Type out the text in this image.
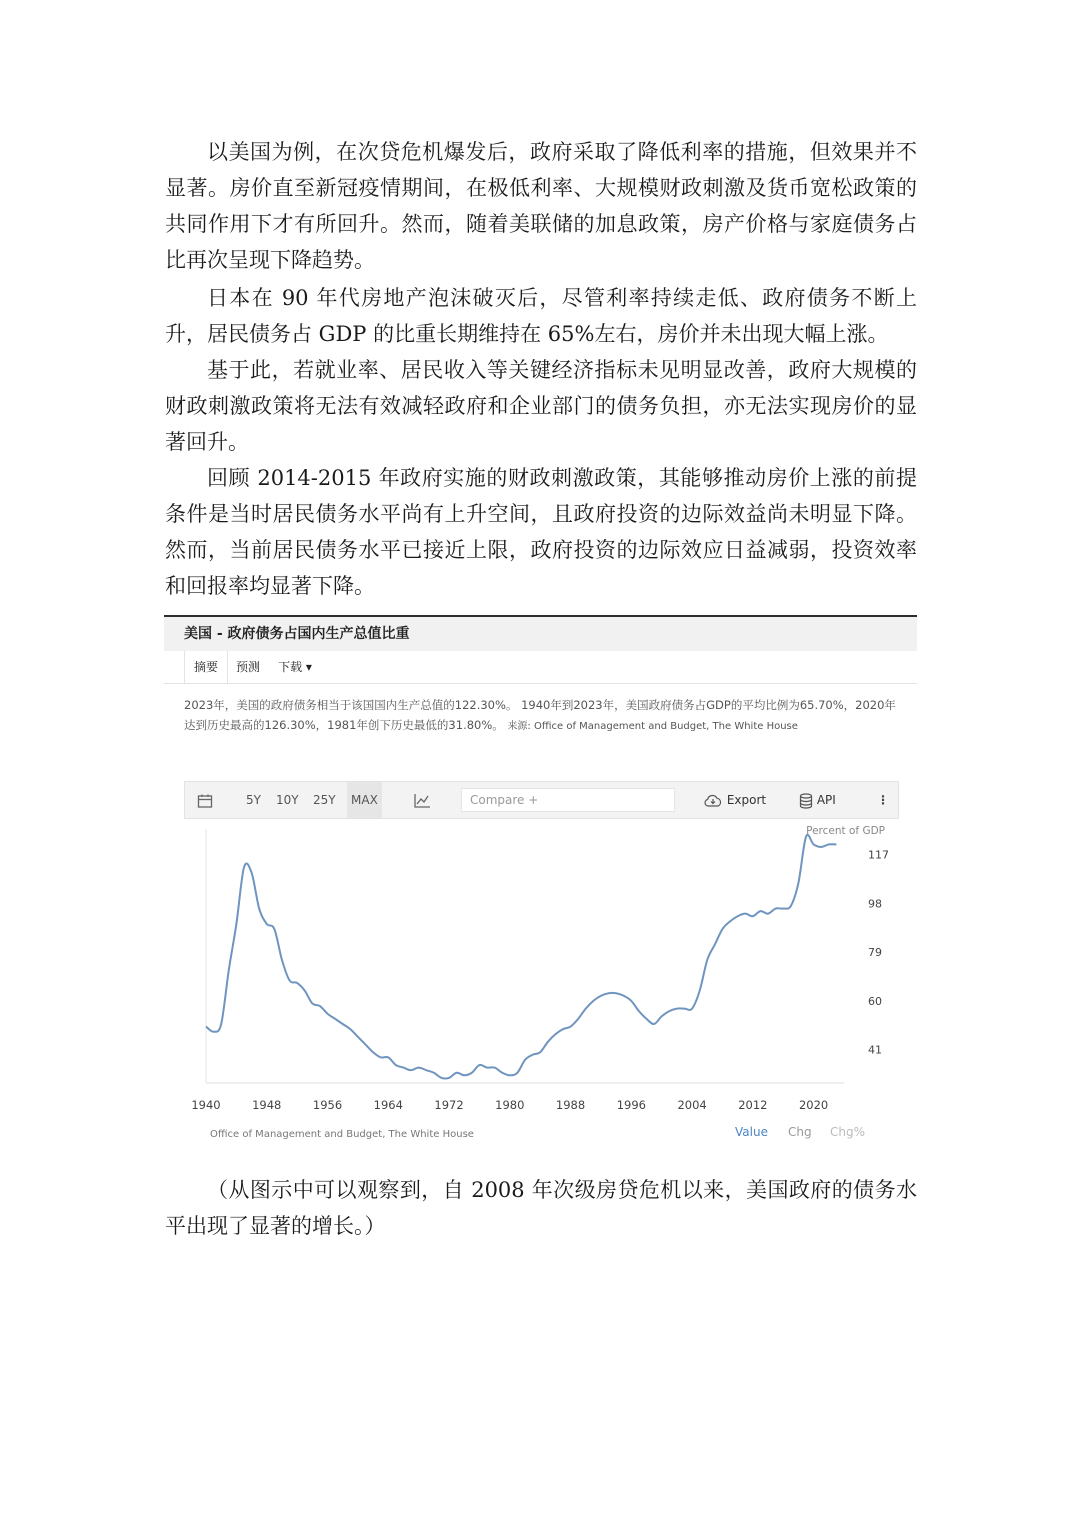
以美国为例，在次贷危机爆发后，政府采取了降低利率的措施，但效果并不显著。房价直至新冠疫情期间，在极低利率、大规模财政刺激及货币宽松政策的共同作用下才有所回升。然而，随着美联储的加息政策，房产价格与家庭债务占比再次呈现下降趋势。

日本在 90 年代房地产泡沫破灭后，尽管利率持续走低、政府债务不断上升，居民债务占 GDP 的比重长期维持在 65%左右，房价并未出现大幅上涨。

基于此，若就业率、居民收入等关键经济指标未见明显改善，政府大规模的财政刺激政策将无法有效减轻政府和企业部门的债务负担，亦无法实现房价的显著回升。

回顾 2014-2015 年政府实施的财政刺激政策，其能够推动房价上涨的前提条件是当时居民债务水平尚有上升空间，且政府投资的边际效益尚未明显下降。然而，当前居民债务水平已接近上限，政府投资的边际效应日益减弱，投资效率和回报率均显著下降。

美国 - 政府债务占国内生产总值比重
摘要	预测	下载 ▾
2023年，美国的政府债务相当于该国国内生产总值的122.30%。 1940年到2023年，美国政府债务占GDP的平均比例为65.70%，2020年达到历史最高的126.30%，1981年创下历史最低的31.80%。 来源: Office of Management and Budget, The White House
5Y 10Y 25Y	MAX	Compare +	Export	API	⋮
Percent of GDP
41
60
79
98
117
1940	1948	1956	1964	1972	1980	1988	1996	2004	2012	2020
Office of Management and Budget, The White House	Value Chg Chg%

（从图示中可以观察到，自 2008 年次级房贷危机以来，美国政府的债务水平出现了显著的增长。）
